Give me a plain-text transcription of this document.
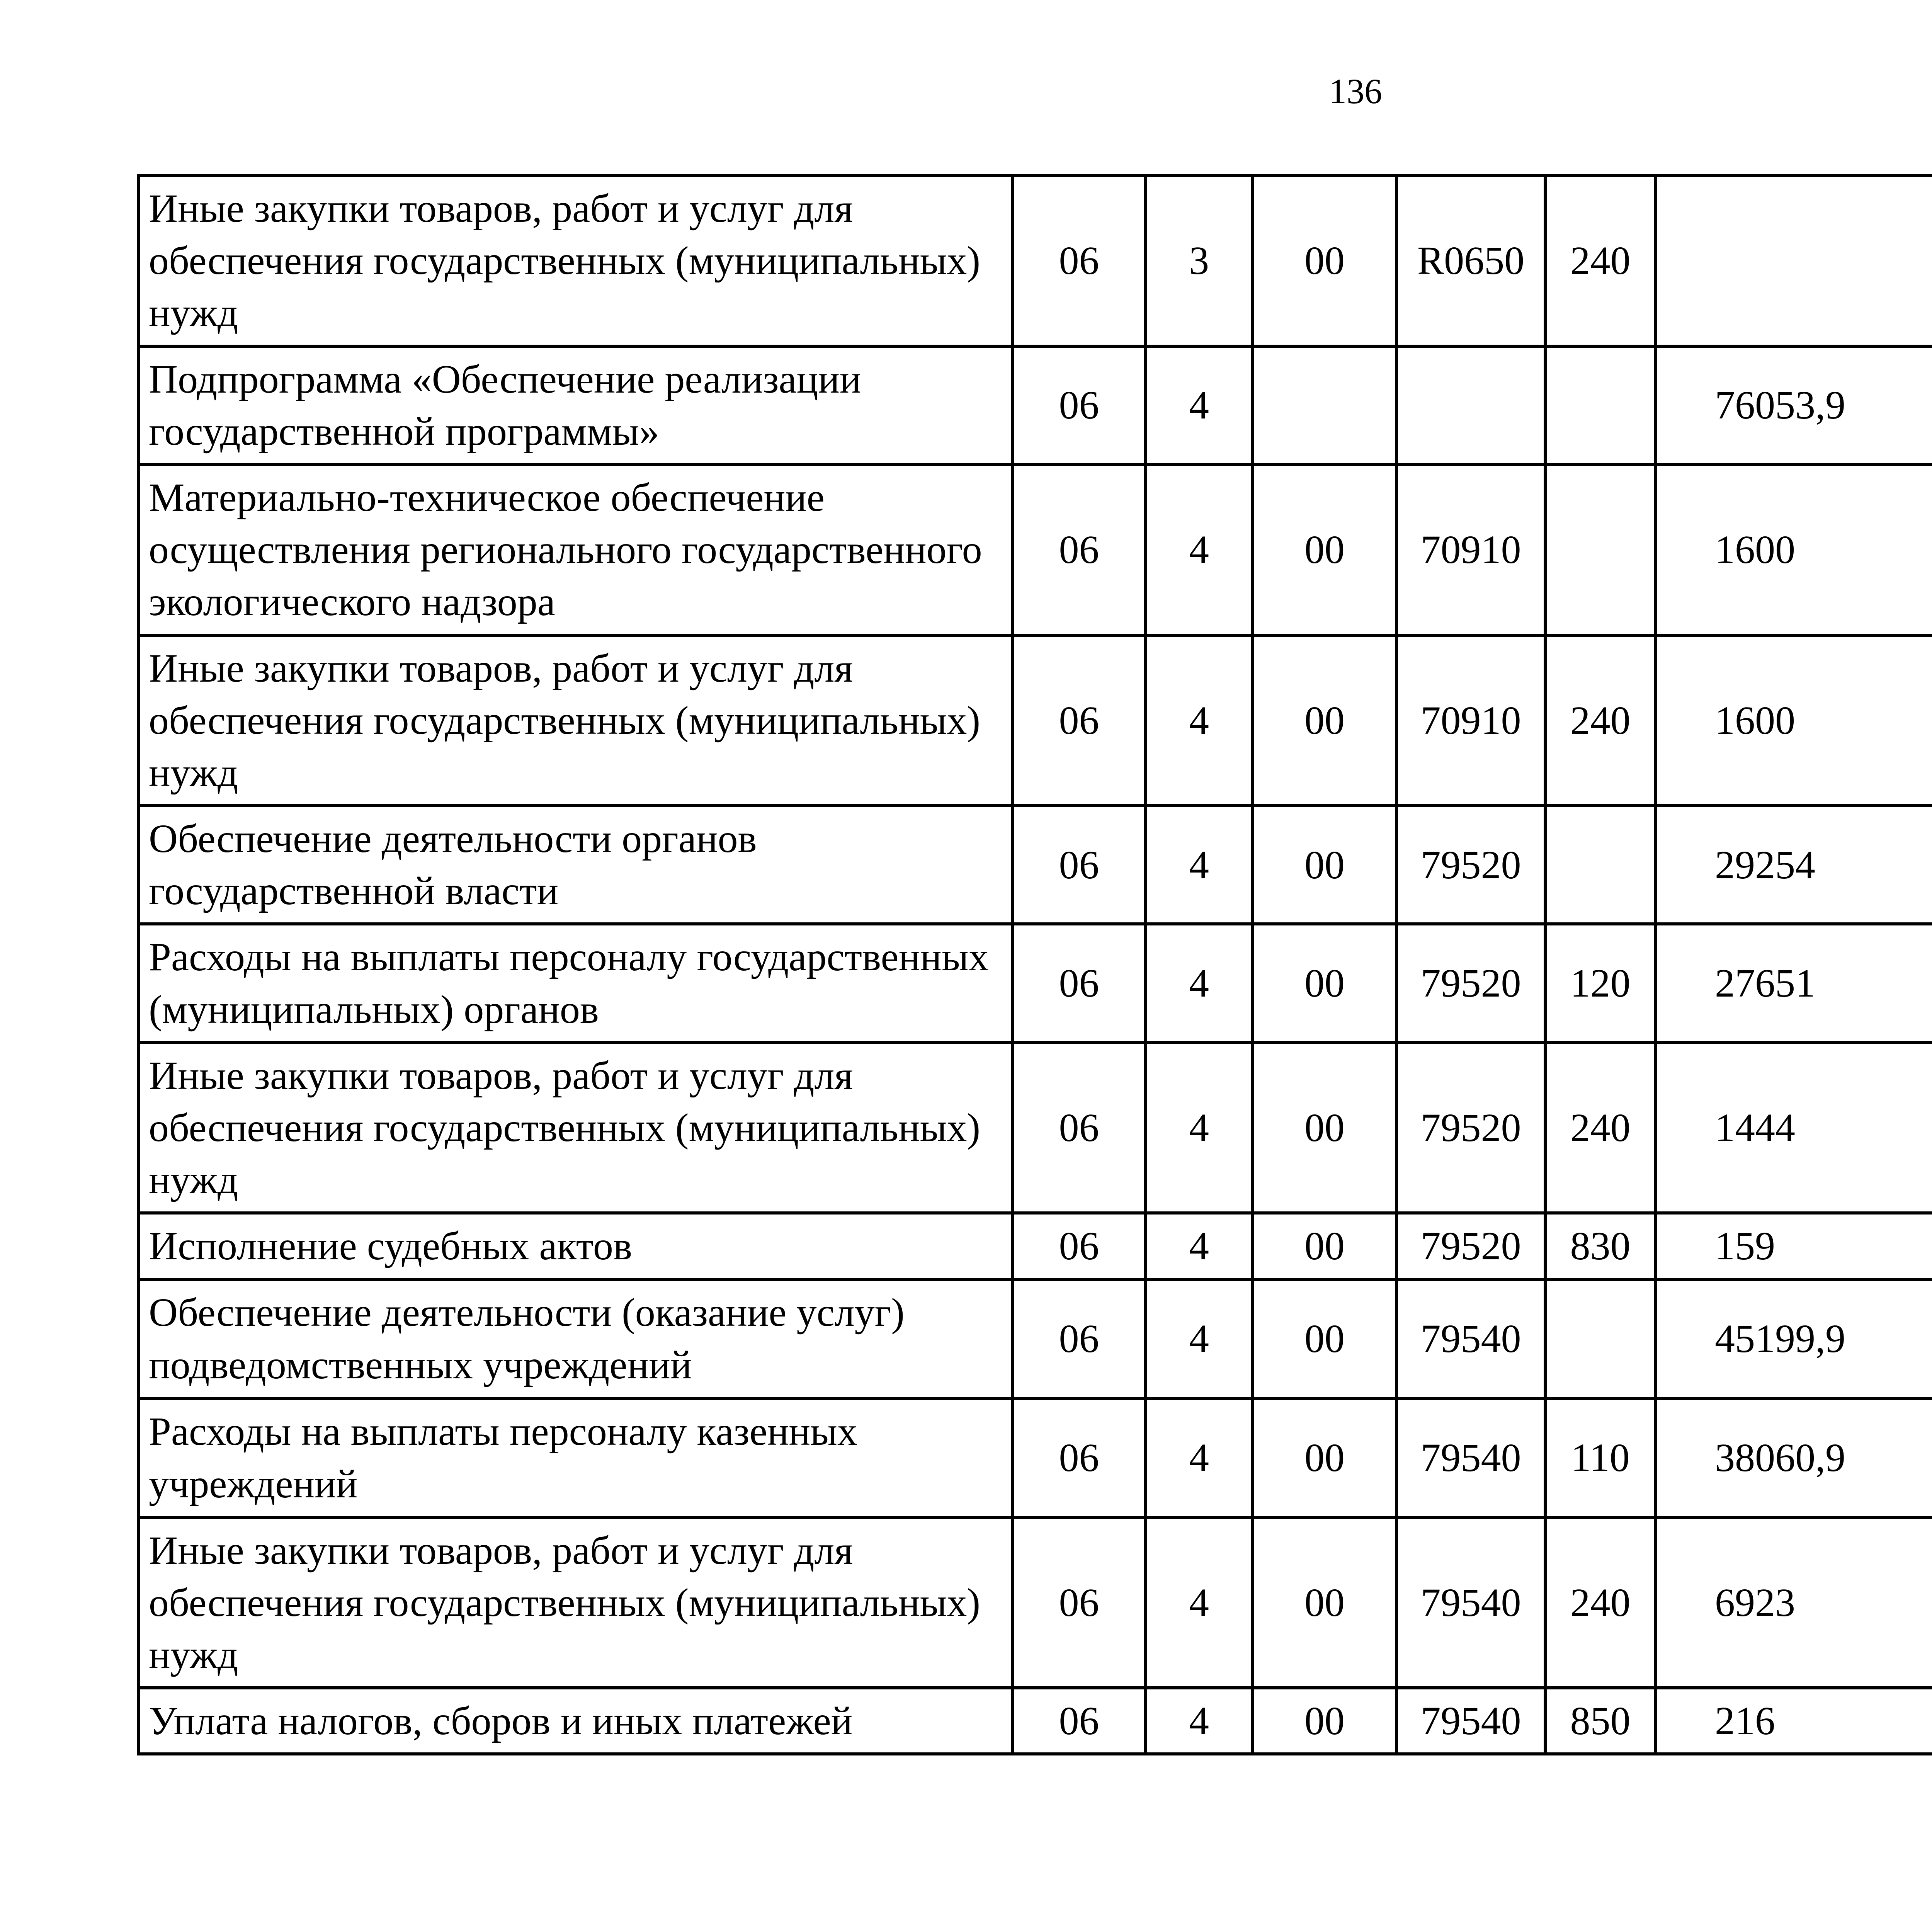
136
Иные закупки товаров, работ и услуг для обеспечения государственных (муниципальных) нужд	06	3	00	R0650	240			
Подпрограмма «Обеспечение реализации государственной программы»	06	4				76053,9		
Материально-техническое обеспечение осуществления регионального государственного экологического надзора	06	4	00	70910		1600		
Иные закупки товаров, работ и услуг для обеспечения государственных (муниципальных) нужд	06	4	00	70910	240	1600		
Обеспечение деятельности органов государственной власти	06	4	00	79520		29254		
Расходы на выплаты персоналу государственных (муниципальных) органов	06	4	00	79520	120	27651		
Иные закупки товаров, работ и услуг для обеспечения государственных (муниципальных) нужд	06	4	00	79520	240	1444		
Исполнение судебных актов	06	4	00	79520	830	159		
Обеспечение деятельности (оказание услуг) подведомственных учреждений	06	4	00	79540		45199,9		
Расходы на выплаты персоналу казенных учреждений	06	4	00	79540	110	38060,9		
Иные закупки товаров, работ и услуг для обеспечения государственных (муниципальных) нужд	06	4	00	79540	240	6923		
Уплата налогов, сборов и иных платежей	06	4	00	79540	850	216		
